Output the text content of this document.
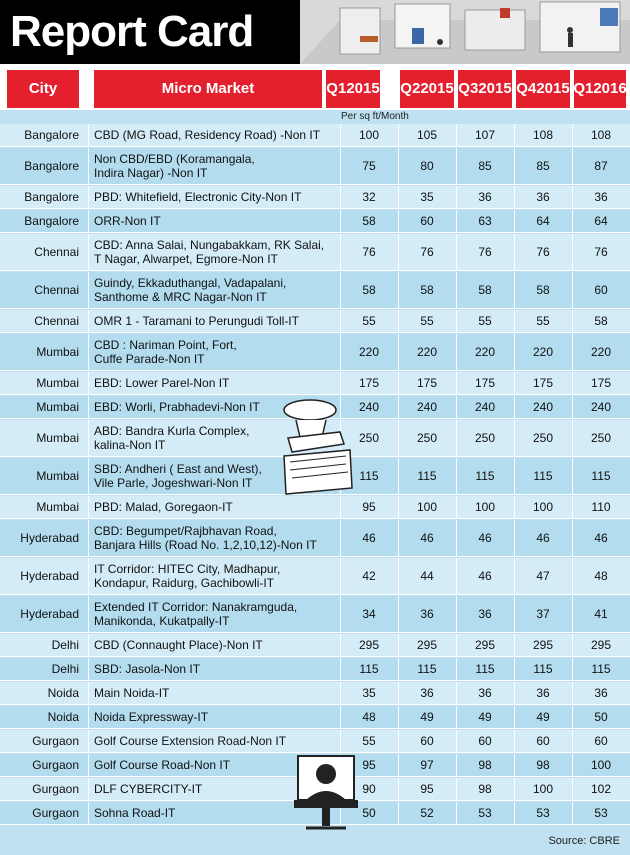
Report Card
City	Micro Market	Q1 2015 Q2 2015 Q3 2015 Q4 2015 Q1 2016
Per sq ft/Month
Bangalore	CBD (MG Road, Residency Road) -Non IT	100	105	107	108	108
Bangalore	Non CBD/EBD (Koramangala,
Indira Nagar) -Non IT	75	80	85	85	87
Bangalore	PBD: Whitefield, Electronic City-Non IT	32	35	36	36	36
Bangalore	ORR-Non IT	58	60	63	64	64
Chennai	CBD: Anna Salai, Nungabakkam, RK Salai,
T Nagar, Alwarpet, Egmore-Non IT	76	76	76	76	76
Chennai	Guindy, Ekkaduthangal, Vadapalani,
Santhome & MRC Nagar-Non IT	58	58	58	58	60
Chennai	OMR 1 - Taramani to Perungudi Toll-IT	55	55	55	55	58
Mumbai	CBD : Nariman Point, Fort,
Cuffe Parade-Non IT	220	220	220	220	220
Mumbai	EBD: Lower Parel-Non IT	175	175	175	175	175
Mumbai	EBD: Worli, Prabhadevi-Non IT	240	240	240	240	240
Mumbai	ABD: Bandra Kurla Complex,
kalina-Non IT	250	250	250	250	250
Mumbai	SBD: Andheri ( East and West),
Vile Parle, Jogeshwari-Non IT	115	115	115	115	115
Mumbai	PBD: Malad, Goregaon-IT	95	100	100	100	110
Hyderabad	CBD: Begumpet/Rajbhavan Road,
Banjara Hills (Road No. 1,2,10,12)-Non IT	46	46	46	46	46
Hyderabad	IT Corridor: HITEC City, Madhapur,
Kondapur, Raidurg, Gachibowli-IT	42	44	46	47	48
Hyderabad	Extended IT Corridor: Nanakramguda,
Manikonda, Kukatpally-IT	34	36	36	37	41
Delhi	CBD (Connaught Place)-Non IT	295	295	295	295	295
Delhi	SBD: Jasola-Non IT	115	115	115	115	115
Noida	Main Noida-IT	35	36	36	36	36
Noida	Noida Expressway-IT	48	49	49	49	50
Gurgaon	Golf Course Extension Road-Non IT	55	60	60	60	60
Gurgaon	Golf Course Road-Non IT	95	97	98	98	100
Gurgaon	DLF CYBERCITY-IT	90	95	98	100	102
Gurgaon	Sohna Road-IT	50	52	53	53	53
Source: CBRE
